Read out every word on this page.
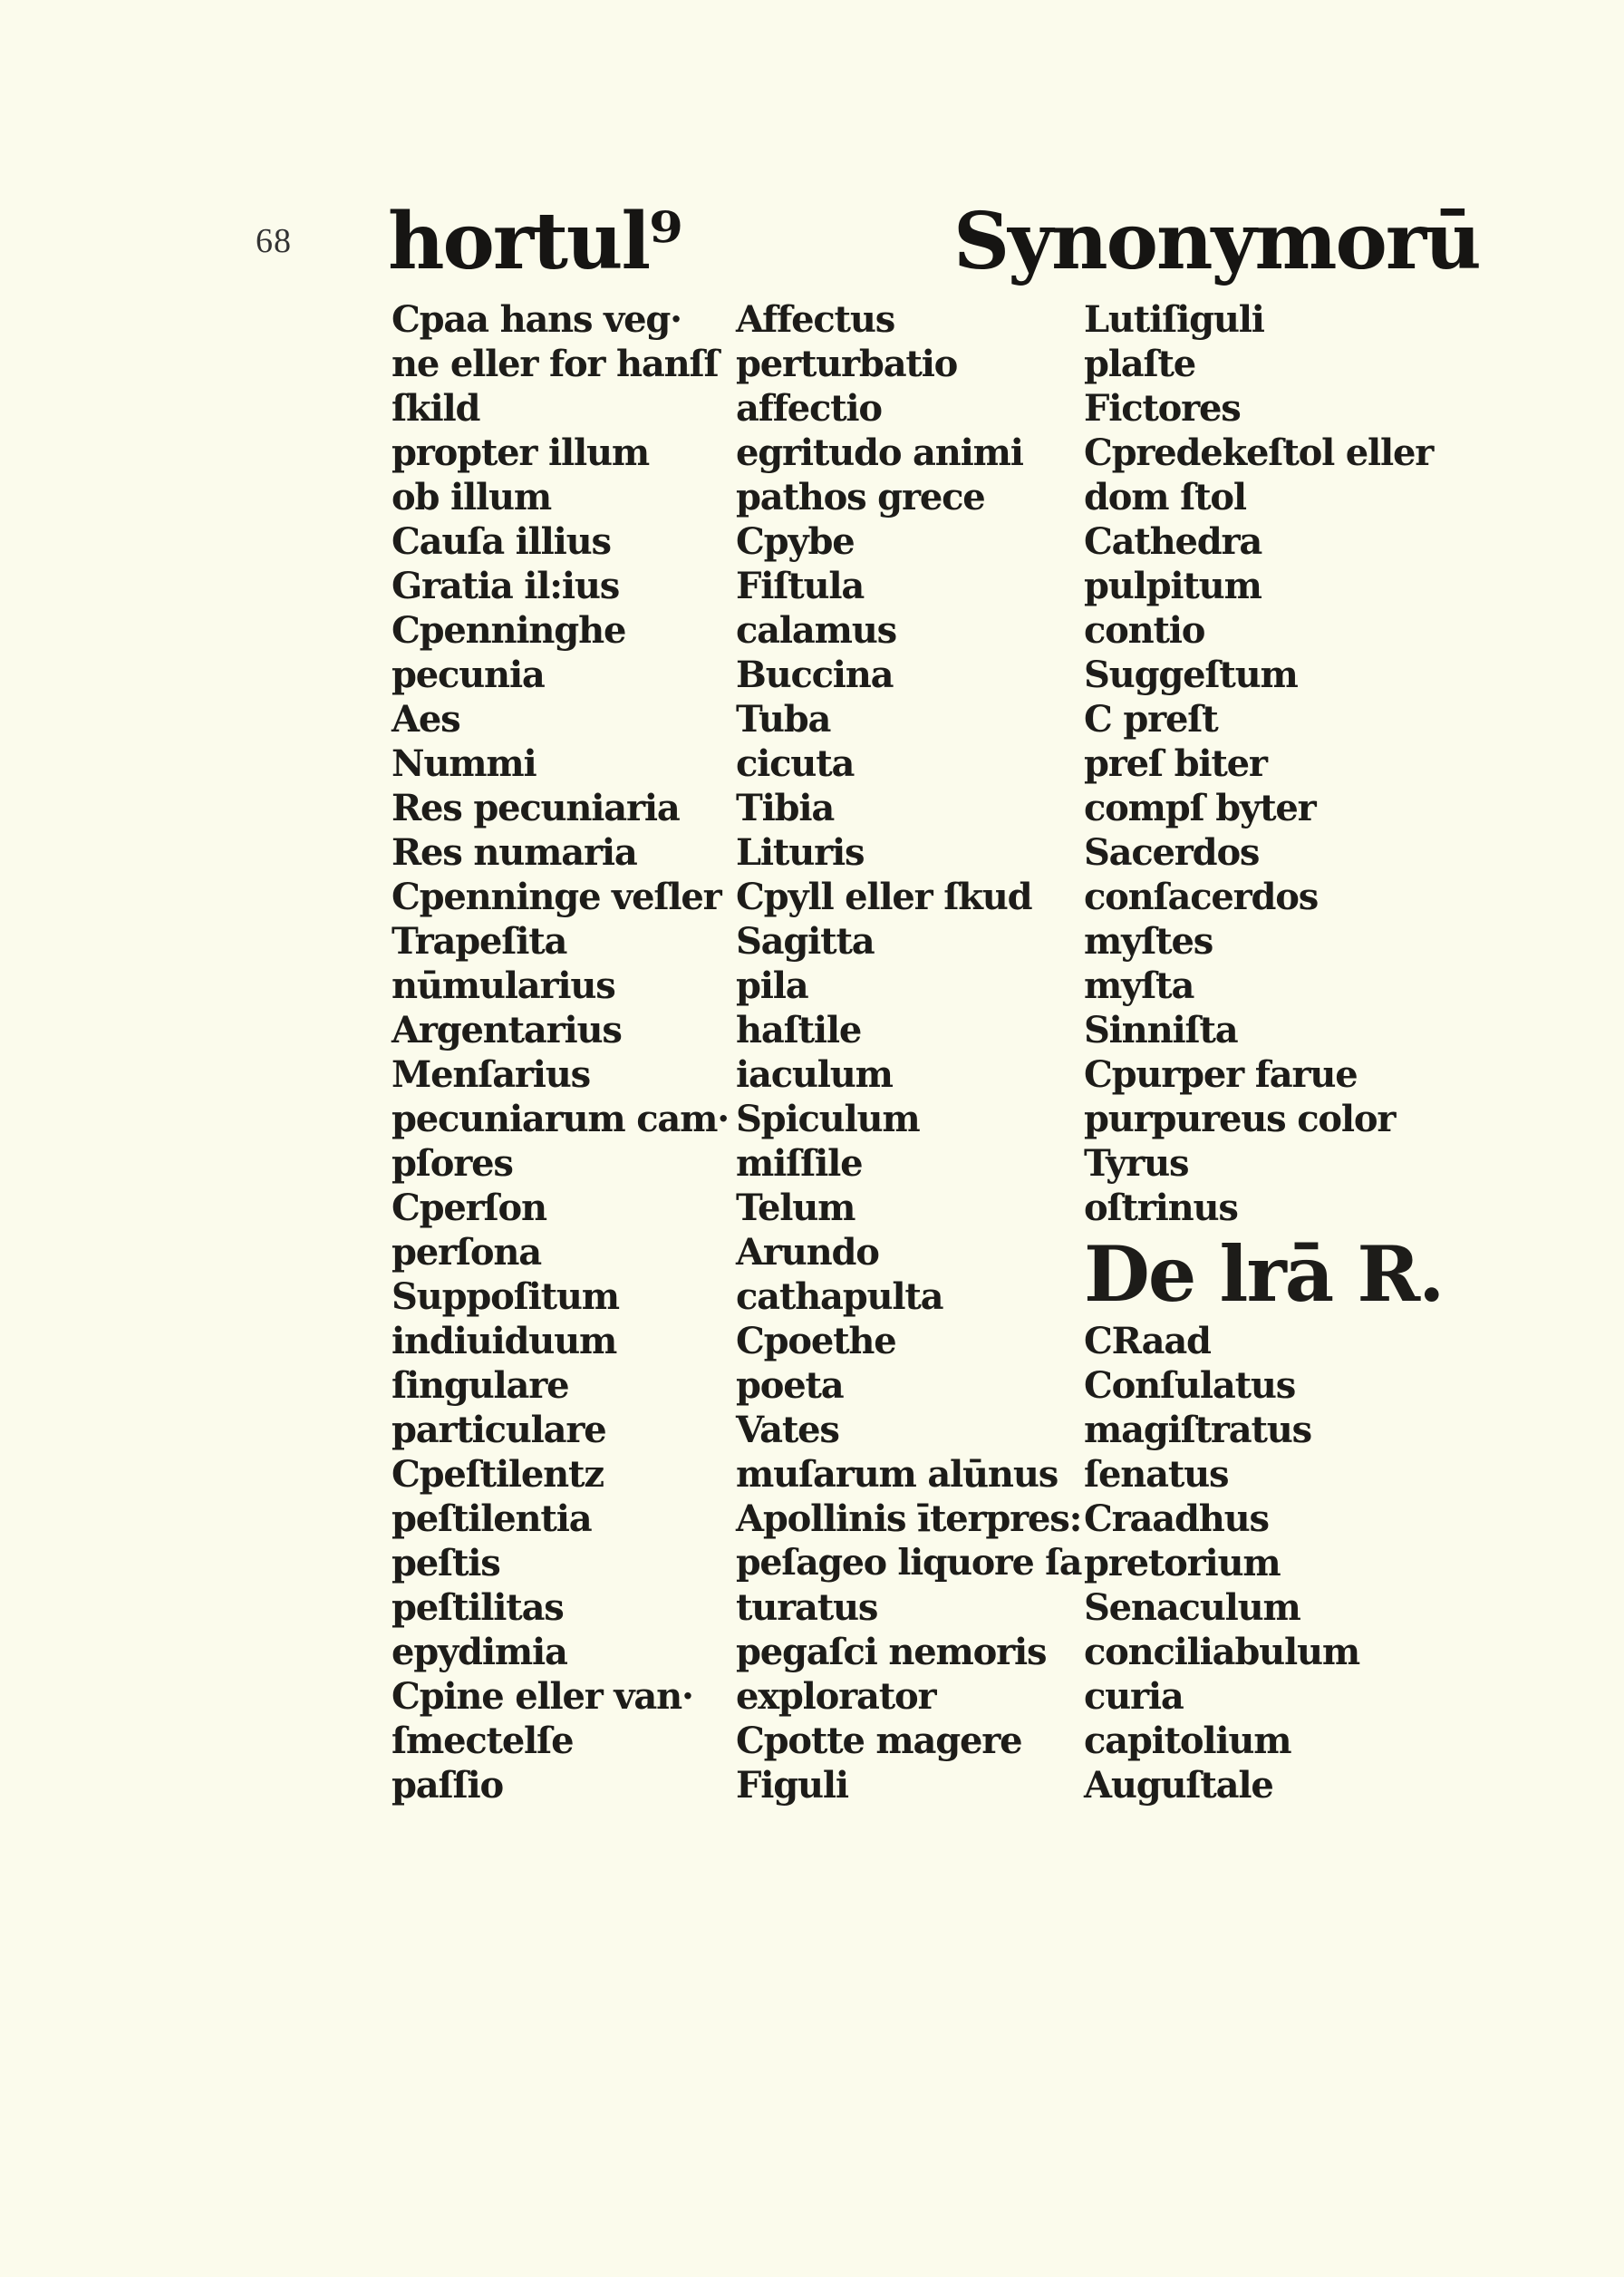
68 hortul⁹	Synonymorū
Cpaa hans veg·
ne eller for hanſſ
ſkild
propter illum
ob illum
Cauſa illius
Gratia il:ius
Cpenninghe
pecunia
Aes
Nummi
Res pecuniaria
Res numaria
Cpenninge veſler
Trapeſita
nūmularius
Argentarius
Menſarius
pecuniarum cam·
pſores
Cperſon
perſona
Suppoſitum
indiuiduum
ſingulare
particulare
Cpeſtilentz
peſtilentia
peſtis
peſtilitas
epydimia
Cpine eller van·
ſmectelſe
paſſio
Affectus
perturbatio
affectio
egritudo animi
pathos grece
Cpybe
Fiſtula
calamus
Buccina
Tuba
cicuta
Tibia
Lituris
Cpyll eller ſkud
Sagitta
pila
haſtile
iaculum
Spiculum
miſſile
Telum
Arundo
cathapulta
Cpoethe
poeta
Vates
muſarum alūnus
Apollinis īterpres:
peſageo liquore ſa
turatus
pegaſci nemoris
explorator
Cpotte magere
Figuli
Lutiſiguli
plaſte
Fictores
Cpredekeſtol eller
dom ſtol
Cathedra
pulpitum
contio
Suggeſtum
C preſt
preſ biter
compſ byter
Sacerdos
conſacerdos
myſtes
myſta
Sinniſta
Cpurper farue
purpureus color
Tyrus
oſtrinus
De lrā R.
CRaad
Conſulatus
magiſtratus
ſenatus
Craadhus
pretorium
Senaculum
conciliabulum
curia
capitolium
Auguſtale
